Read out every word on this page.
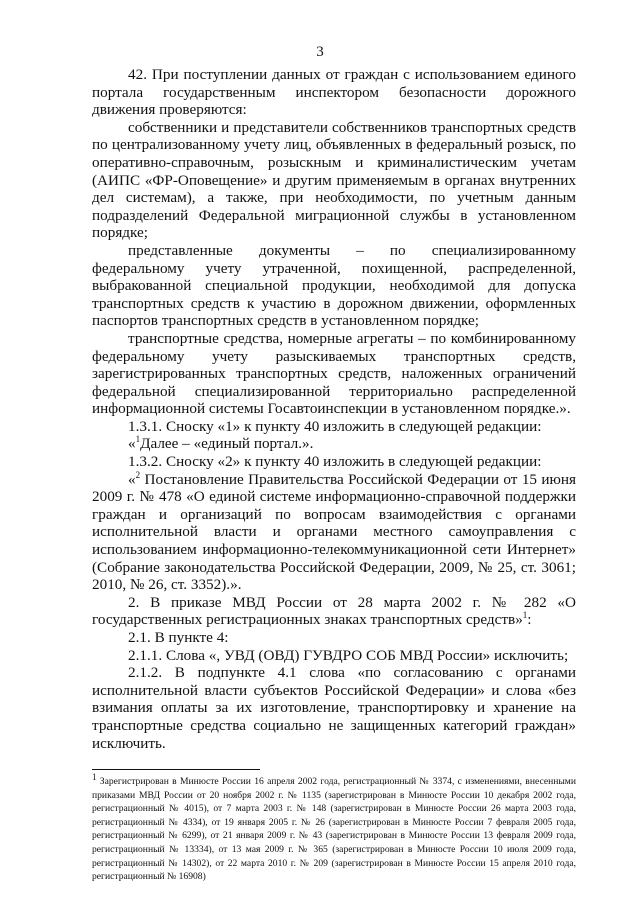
3

42. При поступлении данных от граждан с использованием единого портала государственным инспектором безопасности дорожного движения проверяются:

собственники и представители собственников транспортных средств по централизованному учету лиц, объявленных в федеральный розыск, по оперативно-справочным, розыскным и криминалистическим учетам (АИПС «ФР-Оповещение» и другим применяемым в органах внутренних дел системам), а также, при необходимости, по учетным данным подразделений Федеральной миграционной службы в установленном порядке;

представленные документы – по специализированному федеральному учету утраченной, похищенной, распределенной, выбракованной специальной продукции, необходимой для допуска транспортных средств к участию в дорожном движении, оформленных паспортов транспортных средств в установленном порядке;

транспортные средства, номерные агрегаты – по комбинированному федеральному учету разыскиваемых транспортных средств, зарегистрированных транспортных средств, наложенных ограничений федеральной специализированной территориально распределенной информационной системы Госавтоинспекции в установленном порядке.».

1.3.1. Сноску «1» к пункту 40 изложить в следующей редакции:

«$^1$Далее – «единый портал.».

1.3.2. Сноску «2» к пункту 40 изложить в следующей редакции:

«$^2$ Постановление Правительства Российской Федерации от 15 июня 2009 г. № 478 «О единой системе информационно-справочной поддержки граждан и организаций по вопросам взаимодействия с органами исполнительной власти и органами местного самоуправления с использованием информационно-телекоммуникационной сети Интернет» (Собрание законодательства Российской Федерации, 2009, № 25, ст. 3061; 2010, № 26, ст. 3352).».

2. В приказе МВД России от 28 марта 2002 г. № 282 «О государственных регистрационных знаках транспортных средств»$^1$:

2.1. В пункте 4:

2.1.1. Слова «, УВД (ОВД) ГУВДРО СОБ МВД России» исключить;

2.1.2. В подпункте 4.1 слова «по согласованию с органами исполнительной власти субъектов Российской Федерации» и слова «без взимания оплаты за их изготовление, транспортировку и хранение на транспортные средства социально не защищенных категорий граждан» исключить.

$^1$ Зарегистрирован в Минюсте России 16 апреля 2002 года, регистрационный № 3374, с изменениями, внесенными приказами МВД России от 20 ноября 2002 г. № 1135 (зарегистрирован в Минюсте России 10 декабря 2002 года, регистрационный № 4015), от 7 марта 2003 г. № 148 (зарегистрирован в Минюсте России 26 марта 2003 года, регистрационный № 4334), от 19 января 2005 г. № 26 (зарегистрирован в Минюсте России 7 февраля 2005 года, регистрационный № 6299), от 21 января 2009 г. № 43 (зарегистрирован в Минюсте России 13 февраля 2009 года, регистрационный № 13334), от 13 мая 2009 г. № 365 (зарегистрирован в Минюсте России 10 июля 2009 года, регистрационный № 14302), от 22 марта 2010 г. № 209 (зарегистрирован в Минюсте России 15 апреля 2010 года, регистрационный № 16908)
